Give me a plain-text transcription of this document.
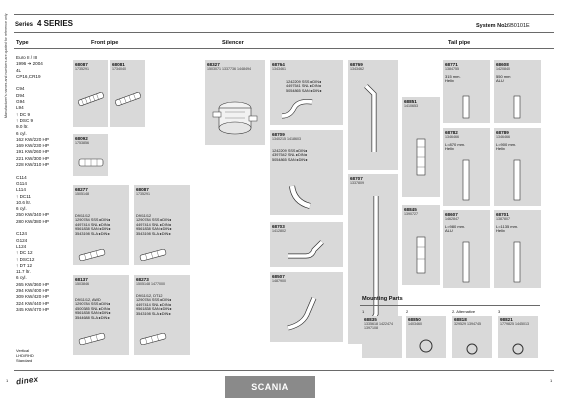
Manufacturer's names and numbers are quoted for reference only Series 4 SERIES	System No.:
16B0101E
Type	Front pipe	Silencer	Tail pipe
Euro II / III
1996 ➔ 2004
4L
CP16,CR19
C94
D94
G94
L94
↑ DC 9
↑ DSC 9
9.0 ltr.
6 cyl.
162 KW/220 HP
169 KW/230 HP
191 KW/260 HP
221 KW/300 HP
228 KW/310 HP
C114
G114
L114
↑ DC11
10.6 ltr.
6 cyl.
250 KW/340 HP
280 KW/380 HP
C124
G124
L124
↑ DC 12
↑ DSC12
↑ DT 12
11.7 ltr.
6 cyl.
265 KW/360 HP
294 KW/400 HP
309 KW/420 HP
324 KW/440 HP
345 KW/470 HP
Vertical
LHD/RHD
Standard
68087
1735291
68081
1734040
68092
1753856
68277
1505148
D9/11/12
1290784 SSS ▸DIN◂
4497414 SNL ▸DIN◂
9561838 SAN ▸DIN◂
3543198 SLA ▸DIN◂
68087
1735291
D9/11/12
1290784 SSS ▸DIN◂
4497414 SNL ▸DIN◂
9561838 SAN ▸DIN◂
3543198 SLA ▸DIN◂
68137
1503846
D9/11/12, AWD
1290784 SSS ▸DIN◂
4500385 SNL ▸DIN◂
9561838 SAN ▸DIN◂
3544688 SLA ▸DIN◂
68273
1505148 1477000
D9/11/12, DT12
1290784 SSS ▸DIN◂
4497414 SNL ▸DIN◂
9561838 SAN ▸DIN◂
3543198 SLA ▸DIN◂
68327
1503071 1337736 1448494
68764
1343461
1242209 SSS ▸DIN◂
4497541 SNL ▸DIN◂
5054865 SAN ▸DIN◂
68709
1340215 1418603
1242209 SSS ▸DIN◂
4397542 SNL ▸DIN◂
5054865 SAN ▸DIN◂
68703
1412802
68507
1487900
68769
1343462
68707
1337809
68851
1410653
68845
1390727
68771
1384755
315 mm.
Helix
68608
1420840
550 mm
ALU
68782
1346466
L=870 mm.
Helix
68789
1346466
L=900 mm.
Helix
68607
1462847
L=980 mm.
ALU
68701
1387807
L=1135 mm.
Helix
Mounting Parts
1
68835
1335618 1422474 1397108
2
68850
1403460
2. Alternative
68818
329529 1394745
3
98821
1779825 1445013
dinex
SCANIA
1	1
